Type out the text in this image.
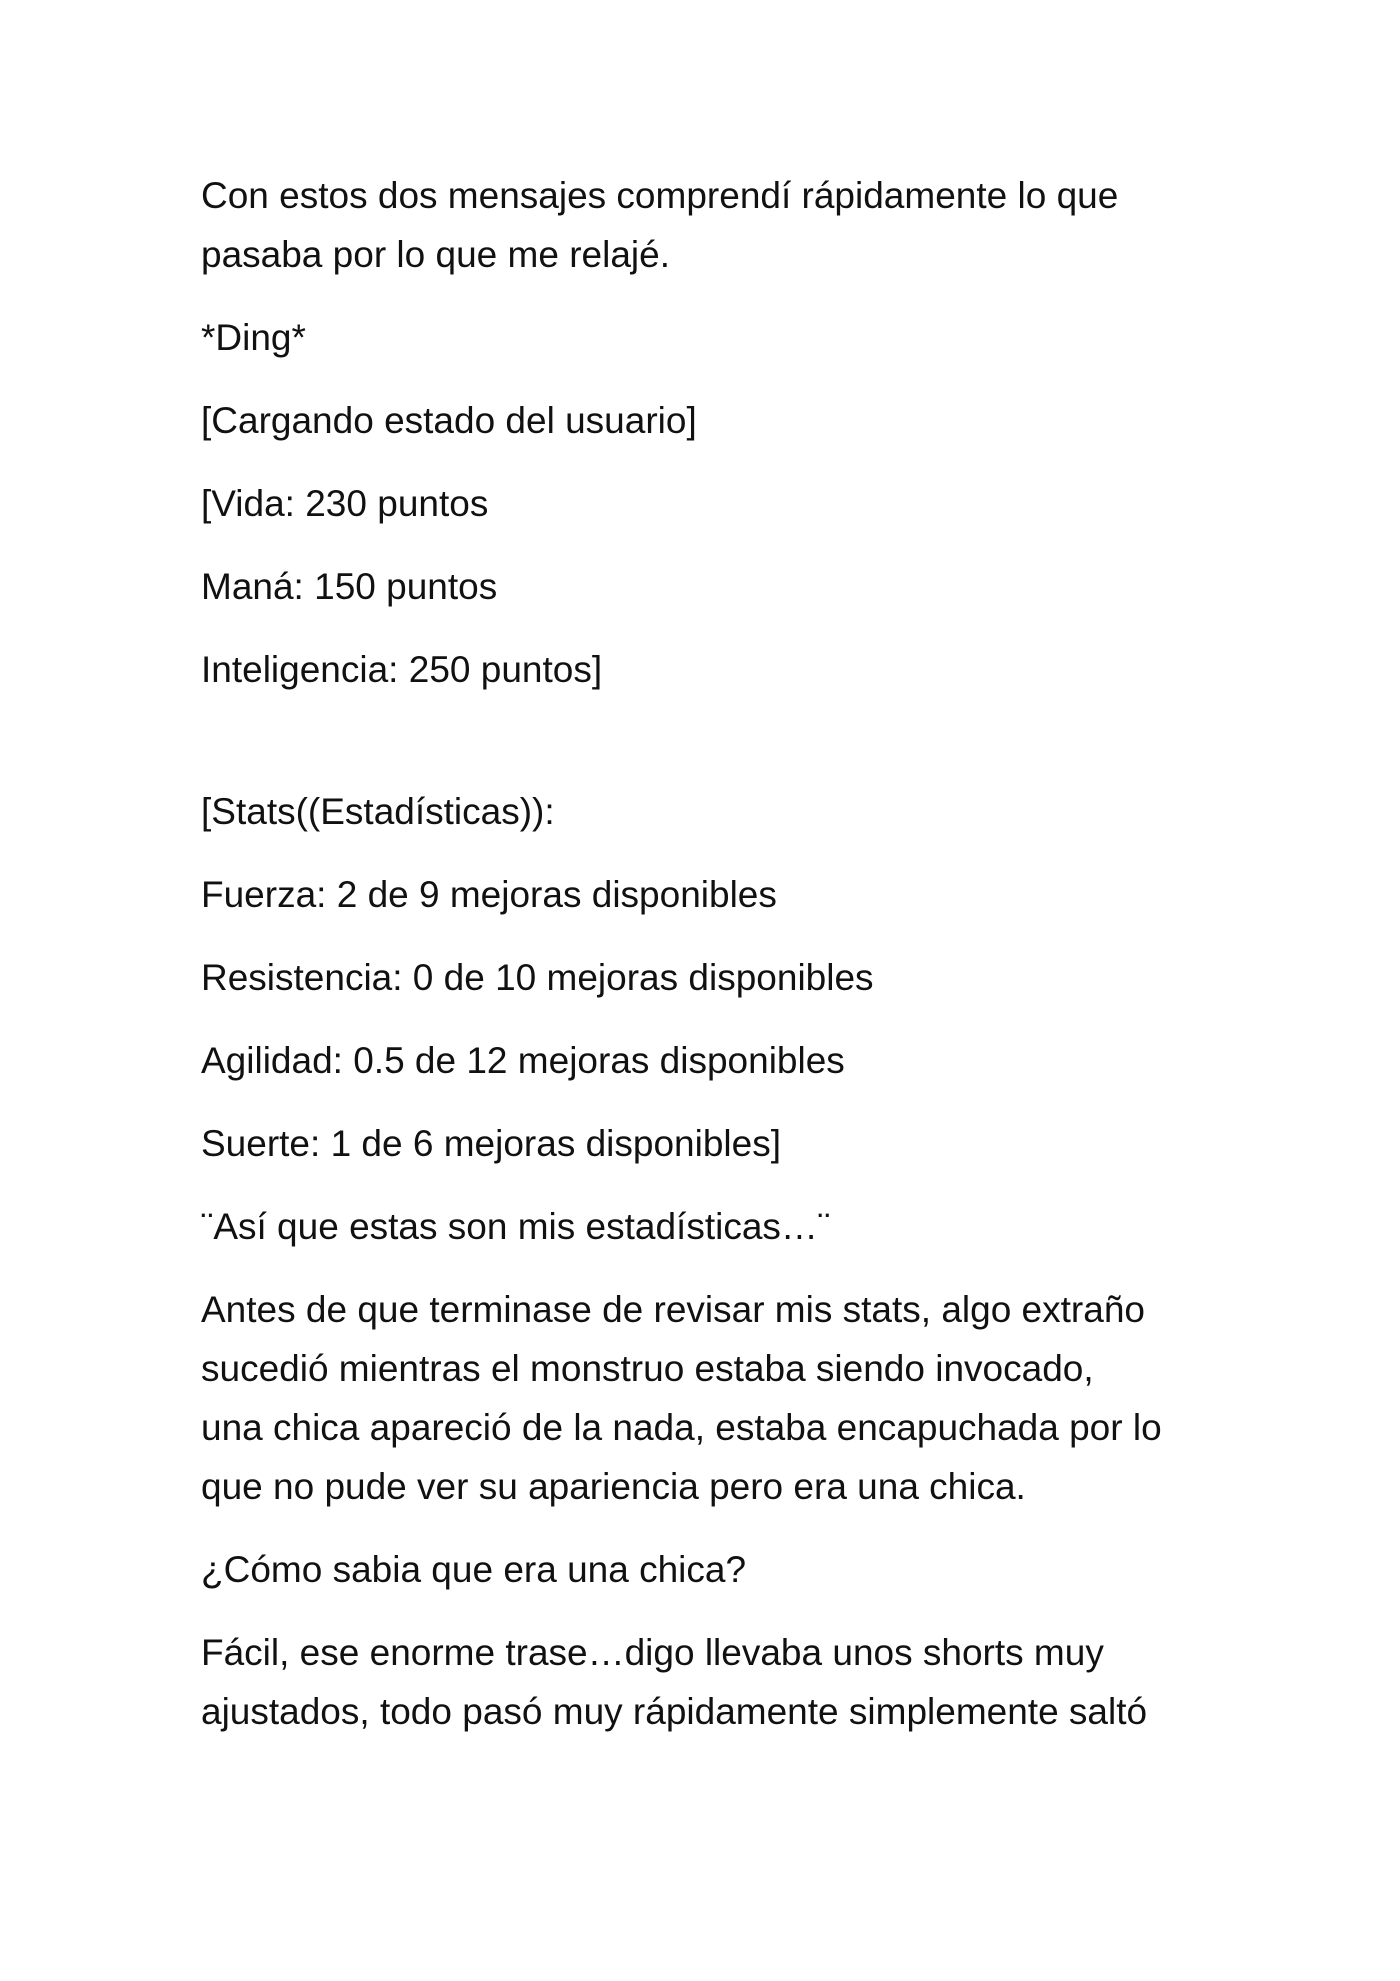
Con estos dos mensajes comprendí rápidamente lo que
pasaba por lo que me relajé.

*Ding*

[Cargando estado del usuario]

[Vida: 230 puntos

Maná: 150 puntos

Inteligencia: 250 puntos]

[Stats((Estadísticas)):

Fuerza: 2 de 9 mejoras disponibles

Resistencia: 0 de 10 mejoras disponibles

Agilidad: 0.5 de 12 mejoras disponibles

Suerte: 1 de 6 mejoras disponibles]

¨Así que estas son mis estadísticas…¨

Antes de que terminase de revisar mis stats, algo extraño
sucedió mientras el monstruo estaba siendo invocado,
una chica apareció de la nada, estaba encapuchada por lo
que no pude ver su apariencia pero era una chica.

¿Cómo sabia que era una chica?

Fácil, ese enorme trase…digo llevaba unos shorts muy
ajustados, todo pasó muy rápidamente simplemente saltó
